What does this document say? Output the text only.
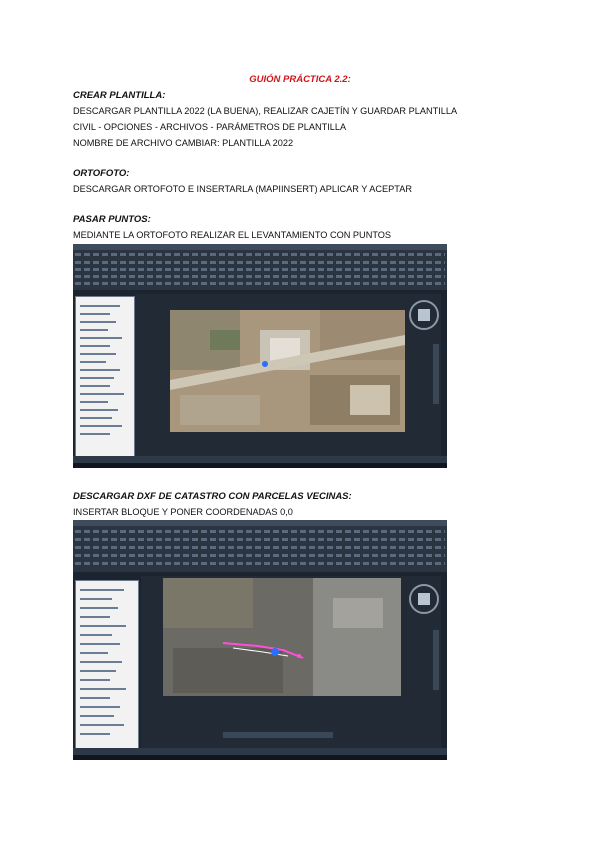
GUIÓN PRÁCTICA 2.2:
CREAR PLANTILLA:
DESCARGAR PLANTILLA 2022 (LA BUENA), REALIZAR CAJETÍN Y GUARDAR PLANTILLA
CIVIL - OPCIONES - ARCHIVOS - PARÁMETROS DE PLANTILLA
NOMBRE DE ARCHIVO CAMBIAR: PLANTILLA 2022
ORTOFOTO:
DESCARGAR ORTOFOTO E INSERTARLA (MAPIINSERT) APLICAR Y ACEPTAR
PASAR PUNTOS:
MEDIANTE LA ORTOFOTO REALIZAR EL LEVANTAMIENTO CON PUNTOS
DESCARGAR DXF DE CATASTRO CON PARCELAS VECINAS:
INSERTAR BLOQUE Y PONER COORDENADAS 0,0
